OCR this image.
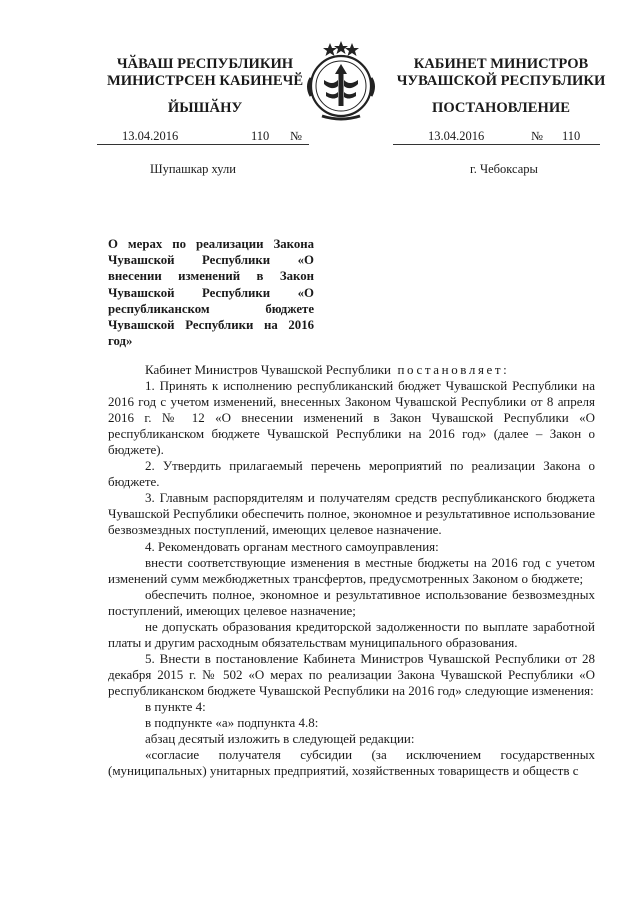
ЧӐВАШ РЕСПУБЛИКИН
МИНИСТРСЕН КАБИНЕЧӖ
ЙЫШӐНУ
КАБИНЕТ МИНИСТРОВ
ЧУВАШСКОЙ РЕСПУБЛИКИ
ПОСТАНОВЛЕНИЕ
13.04.2016	110 №	13.04.2016	№ 110
Шупашкар хули	г. Чебоксары
О мерах по реализации Закона Чувашской Республики «О внесении изменений в Закон Чувашской Республики «О республиканском бюджете Чувашской Республики на 2016 год»

Кабинет Министров Чувашской Республики постановляет:

1. Принять к исполнению республиканский бюджет Чувашской Республики на 2016 год с учетом изменений, внесенных Законом Чувашской Республики от 8 апреля 2016 г. № 12 «О внесении изменений в Закон Чувашской Республики «О республиканском бюджете Чувашской Республики на 2016 год» (далее – Закон о бюджете).

2. Утвердить прилагаемый перечень мероприятий по реализации Закона о бюджете.

3. Главным распорядителям и получателям средств республиканского бюджета Чувашской Республики обеспечить полное, экономное и результативное использование безвозмездных поступлений, имеющих целевое назначение.

4. Рекомендовать органам местного самоуправления:

внести соответствующие изменения в местные бюджеты на 2016 год с учетом изменений сумм межбюджетных трансфертов, предусмотренных Законом о бюджете;

обеспечить полное, экономное и результативное использование безвозмездных поступлений, имеющих целевое назначение;

не допускать образования кредиторской задолженности по выплате заработной платы и другим расходным обязательствам муниципального образования.

5. Внести в постановление Кабинета Министров Чувашской Республики от 28 декабря 2015 г. № 502 «О мерах по реализации Закона Чувашской Республики «О республиканском бюджете Чувашской Республики на 2016 год» следующие изменения:

в пункте 4:

в подпункте «а» подпункта 4.8:

абзац десятый изложить в следующей редакции:

«согласие получателя субсидии (за исключением государственных (муниципальных) унитарных предприятий, хозяйственных товариществ и обществ с
